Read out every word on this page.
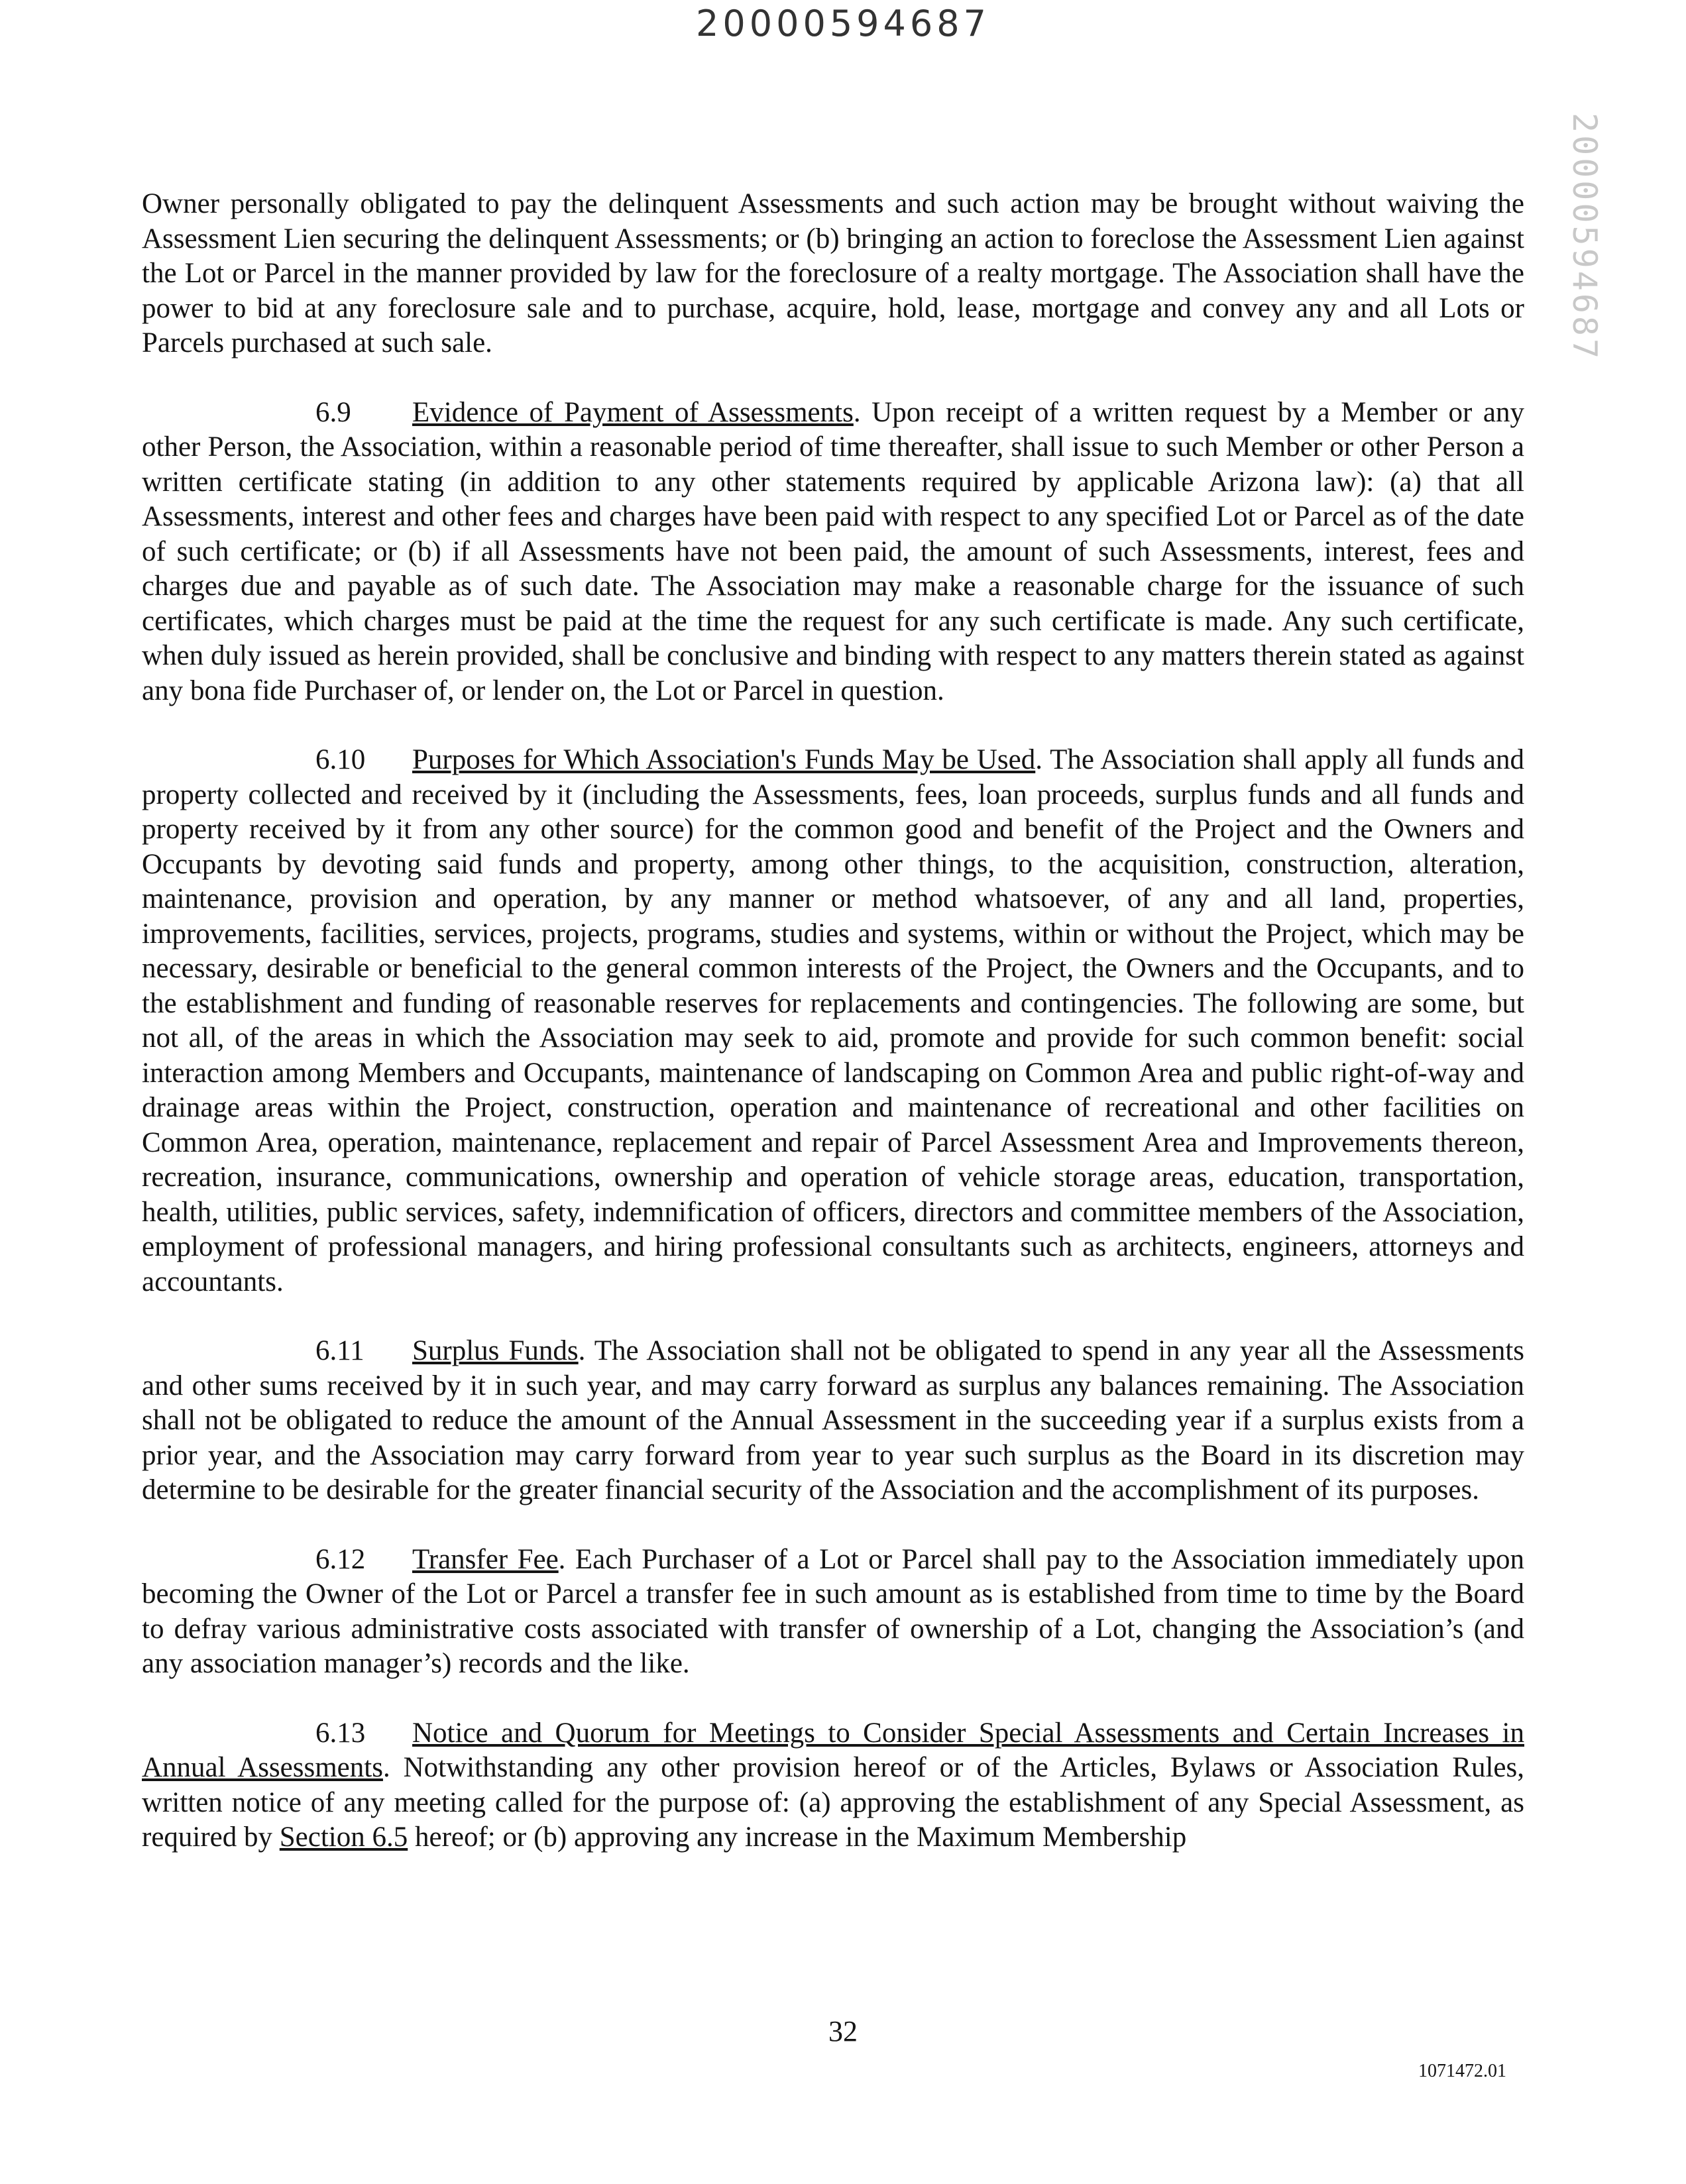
20000594687
20000594687

Owner personally obligated to pay the delinquent Assessments and such action may be brought without waiving the Assessment Lien securing the delinquent Assessments; or (b) bringing an action to foreclose the Assessment Lien against the Lot or Parcel in the manner provided by law for the foreclosure of a realty mortgage. The Association shall have the power to bid at any foreclosure sale and to purchase, acquire, hold, lease, mortgage and convey any and all Lots or Parcels purchased at such sale.

6.9 Evidence of Payment of Assessments. Upon receipt of a written request by a Member or any other Person, the Association, within a reasonable period of time thereafter, shall issue to such Member or other Person a written certificate stating (in addition to any other statements required by applicable Arizona law): (a) that all Assessments, interest and other fees and charges have been paid with respect to any specified Lot or Parcel as of the date of such certificate; or (b) if all Assessments have not been paid, the amount of such Assessments, interest, fees and charges due and payable as of such date. The Association may make a reasonable charge for the issuance of such certificates, which charges must be paid at the time the request for any such certificate is made. Any such certificate, when duly issued as herein provided, shall be conclusive and binding with respect to any matters therein stated as against any bona fide Purchaser of, or lender on, the Lot or Parcel in question.

6.10 Purposes for Which Association's Funds May be Used. The Association shall apply all funds and property collected and received by it (including the Assessments, fees, loan proceeds, surplus funds and all funds and property received by it from any other source) for the common good and benefit of the Project and the Owners and Occupants by devoting said funds and property, among other things, to the acquisition, construction, alteration, maintenance, provision and operation, by any manner or method whatsoever, of any and all land, properties, improvements, facilities, services, projects, programs, studies and systems, within or without the Project, which may be necessary, desirable or beneficial to the general common interests of the Project, the Owners and the Occupants, and to the establishment and funding of reasonable reserves for replacements and contingencies. The following are some, but not all, of the areas in which the Association may seek to aid, promote and provide for such common benefit: social interaction among Members and Occupants, maintenance of landscaping on Common Area and public right-of-way and drainage areas within the Project, construction, operation and maintenance of recreational and other facilities on Common Area, operation, maintenance, replacement and repair of Parcel Assessment Area and Improvements thereon, recreation, insurance, communications, ownership and operation of vehicle storage areas, education, transportation, health, utilities, public services, safety, indemnification of officers, directors and committee members of the Association, employment of professional managers, and hiring professional consultants such as architects, engineers, attorneys and accountants.

6.11 Surplus Funds. The Association shall not be obligated to spend in any year all the Assessments and other sums received by it in such year, and may carry forward as surplus any balances remaining. The Association shall not be obligated to reduce the amount of the Annual Assessment in the succeeding year if a surplus exists from a prior year, and the Association may carry forward from year to year such surplus as the Board in its discretion may determine to be desirable for the greater financial security of the Association and the accomplishment of its purposes.

6.12 Transfer Fee. Each Purchaser of a Lot or Parcel shall pay to the Association immediately upon becoming the Owner of the Lot or Parcel a transfer fee in such amount as is established from time to time by the Board to defray various administrative costs associated with transfer of ownership of a Lot, changing the Association’s (and any association manager’s) records and the like.

6.13 Notice and Quorum for Meetings to Consider Special Assessments and Certain Increases in Annual Assessments. Notwithstanding any other provision hereof or of the Articles, Bylaws or Association Rules, written notice of any meeting called for the purpose of: (a) approving the establishment of any Special Assessment, as required by Section 6.5 hereof; or (b) approving any increase in the Maximum Membership

32
1071472.01
